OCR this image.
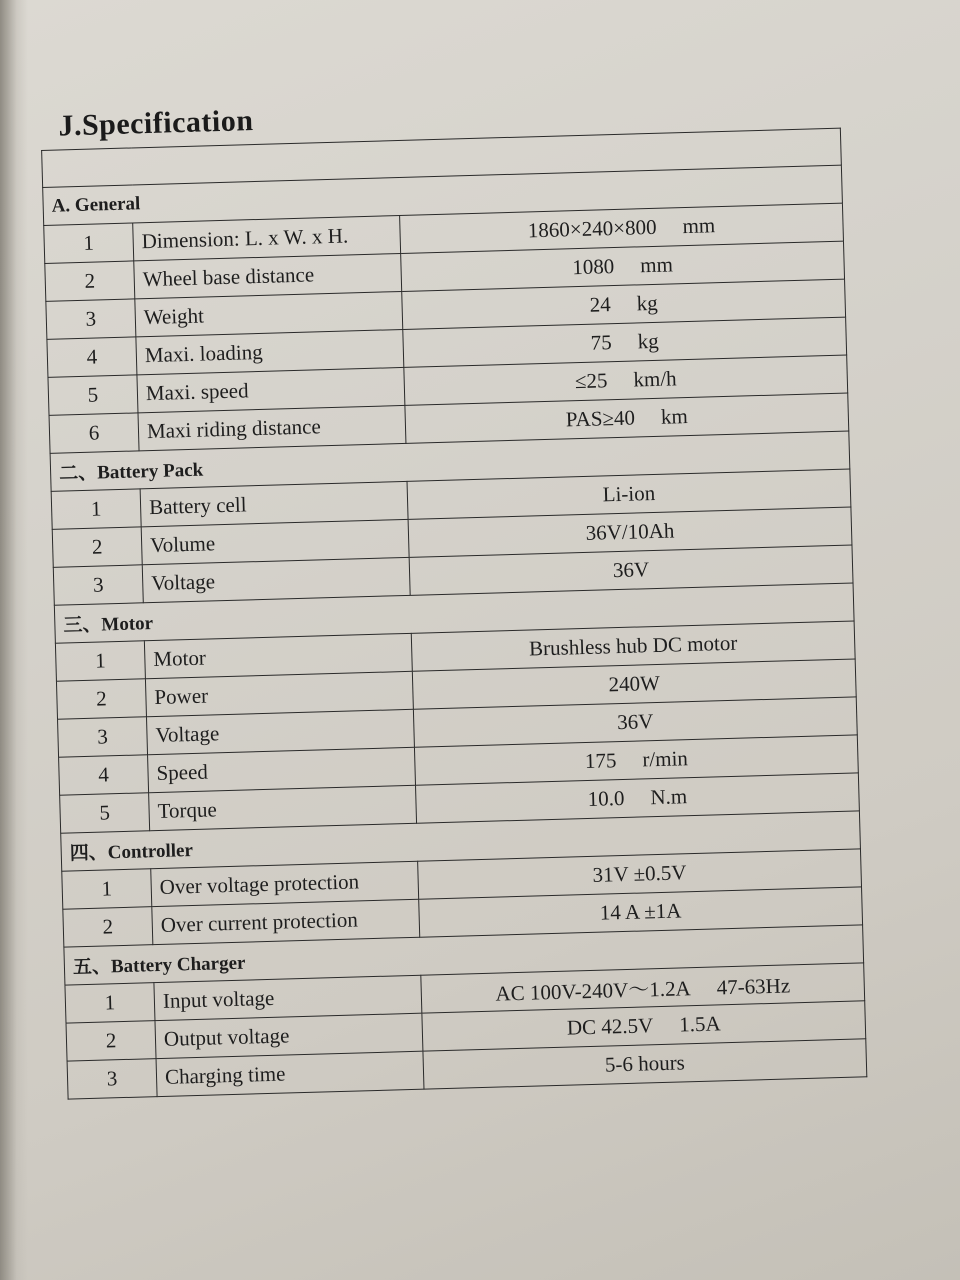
J.Specification

A. General		
1	Dimension: L. x W. x H.	1860×240×800 mm
2	Wheel base distance	1080 mm
3	Weight	24 kg
4	Maxi. loading	75 kg
5	Maxi. speed	≤25 km/h
6	Maxi riding distance	PAS≥40 km
二、Battery Pack		
1	Battery cell	Li-ion
2	Volume	36V/10Ah
3	Voltage	36V
三、Motor		
1	Motor	Brushless hub DC motor
2	Power	240W
3	Voltage	36V
4	Speed	175 r/min
5	Torque	10.0 N.m
四、Controller		
1	Over voltage protection	31V ±0.5V
2	Over current protection	14 A ±1A
五、Battery Charger		
1	Input voltage	AC 100V-240V～1.2A 47-63Hz
2	Output voltage	DC 42.5V 1.5A
3	Charging time	5-6 hours
